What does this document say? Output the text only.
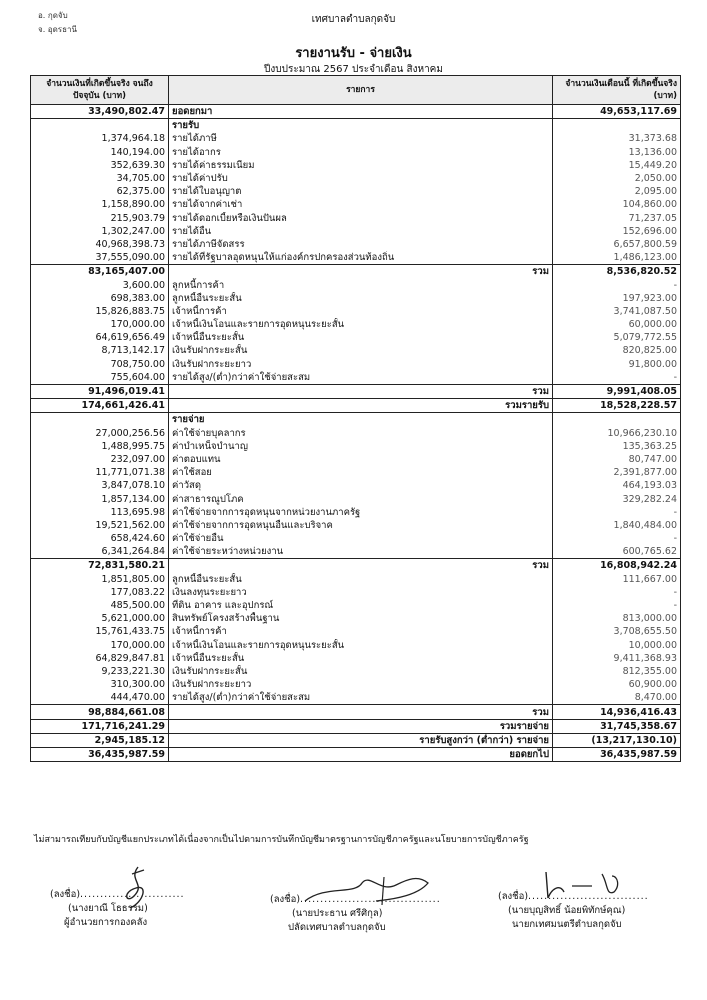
อ. กุดจับ
จ. อุดรธานี
เทศบาลตำบลกุดจับ
รายงานรับ - จ่ายเงิน
ปีงบประมาณ 2567 ประจำเดือน สิงหาคม
จำนวนเงินที่เกิดขึ้นจริง จนถึงปัจจุบัน (บาท)	รายการ	จำนวนเงินเดือนนี้ ที่เกิดขึ้นจริง (บาท)
33,490,802.47	ยอดยกมา	49,653,117.69
	รายรับ	
1,374,964.18	รายได้ภาษี	31,373.68
140,194.00	รายได้อากร	13,136.00
352,639.30	รายได้ค่าธรรมเนียม	15,449.20
34,705.00	รายได้ค่าปรับ	2,050.00
62,375.00	รายได้ใบอนุญาต	2,095.00
1,158,890.00	รายได้จากค่าเช่า	104,860.00
215,903.79	รายได้ดอกเบี้ยหรือเงินปันผล	71,237.05
1,302,247.00	รายได้อื่น	152,696.00
40,968,398.73	รายได้ภาษีจัดสรร	6,657,800.59
37,555,090.00	รายได้ที่รัฐบาลอุดหนุนให้แก่องค์กรปกครองส่วนท้องถิ่น	1,486,123.00
83,165,407.00	รวม	8,536,820.52
3,600.00	ลูกหนี้การค้า	-
698,383.00	ลูกหนี้อื่นระยะสั้น	197,923.00
15,826,883.75	เจ้าหนี้การค้า	3,741,087.50
170,000.00	เจ้าหนี้เงินโอนและรายการอุดหนุนระยะสั้น	60,000.00
64,619,656.49	เจ้าหนี้อื่นระยะสั้น	5,079,772.55
8,713,142.17	เงินรับฝากระยะสั้น	820,825.00
708,750.00	เงินรับฝากระยะยาว	91,800.00
755,604.00	รายได้สูง/(ต่ำ)กว่าค่าใช้จ่ายสะสม	-
91,496,019.41	รวม	9,991,408.05
174,661,426.41	รวมรายรับ	18,528,228.57
	รายจ่าย	
27,000,256.56	ค่าใช้จ่ายบุคลากร	10,966,230.10
1,488,995.75	ค่าบำเหน็จบำนาญ	135,363.25
232,097.00	ค่าตอบแทน	80,747.00
11,771,071.38	ค่าใช้สอย	2,391,877.00
3,847,078.10	ค่าวัสดุ	464,193.03
1,857,134.00	ค่าสาธารณูปโภค	329,282.24
113,695.98	ค่าใช้จ่ายจากการอุดหนุนจากหน่วยงานภาครัฐ	-
19,521,562.00	ค่าใช้จ่ายจากการอุดหนุนอื่นและบริจาค	1,840,484.00
658,424.60	ค่าใช้จ่ายอื่น	-
6,341,264.84	ค่าใช้จ่ายระหว่างหน่วยงาน	600,765.62
72,831,580.21	รวม	16,808,942.24
1,851,805.00	ลูกหนี้อื่นระยะสั้น	111,667.00
177,083.22	เงินลงทุนระยะยาว	-
485,500.00	ที่ดิน อาคาร และอุปกรณ์	-
5,621,000.00	สินทรัพย์โครงสร้างพื้นฐาน	813,000.00
15,761,433.75	เจ้าหนี้การค้า	3,708,655.50
170,000.00	เจ้าหนี้เงินโอนและรายการอุดหนุนระยะสั้น	10,000.00
64,829,847.81	เจ้าหนี้อื่นระยะสั้น	9,411,368.93
9,233,221.30	เงินรับฝากระยะสั้น	812,355.00
310,300.00	เงินรับฝากระยะยาว	60,900.00
444,470.00	รายได้สูง/(ต่ำ)กว่าค่าใช้จ่ายสะสม	8,470.00
98,884,661.08	รวม	14,936,416.43
171,716,241.29	รวมรายจ่าย	31,745,358.67
2,945,185.12	รายรับสูงกว่า (ต่ำกว่า) รายจ่าย	(13,217,130.10)
36,435,987.59	ยอดยกไป	36,435,987.59
ไม่สามารถเทียบกับบัญชีแยกประเภทได้เนื่องจากเป็นไปตามการบันทึกบัญชีมาตรฐานการบัญชีภาครัฐและนโยบายการบัญชีภาครัฐ
(ลงชื่อ)..........................
(นางยาณี โธธรรม)
ผู้อำนวยการกองคลัง
(ลงชื่อ)...................................
(นายประธาน ศรีศิกุล)
ปลัดเทศบาลตำบลกุดจับ
(ลงชื่อ)..............................
(นายบุญสิทธิ์ น้อยพิทักษ์คุณ)
นายกเทศมนตรีตำบลกุดจับ
